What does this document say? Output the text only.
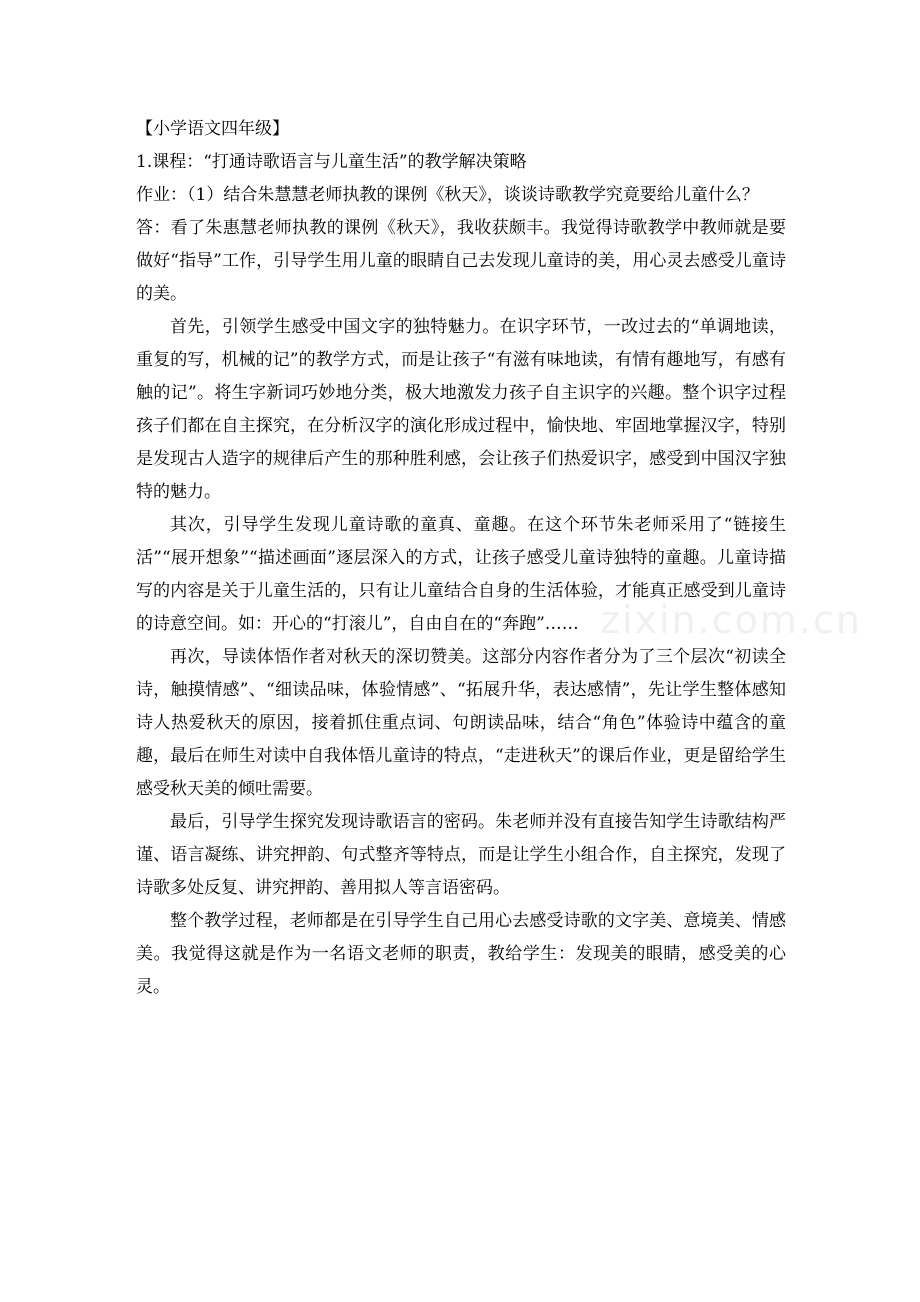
zixin.com.cn

【小学语文四年级】

1.课程：“打通诗歌语言与儿童生活”的教学解决策略

作业：（1）结合朱慧慧老师执教的课例《秋天》，谈谈诗歌教学究竟要给儿童什么？

答：看了朱惠慧老师执教的课例《秋天》，我收获颇丰。我觉得诗歌教学中教师就是要做好“指导”工作，引导学生用儿童的眼睛自己去发现儿童诗的美，用心灵去感受儿童诗的美。

首先，引领学生感受中国文字的独特魅力。在识字环节，一改过去的“单调地读，重复的写，机械的记”的教学方式，而是让孩子“有滋有味地读，有情有趣地写，有感有触的记”。将生字新词巧妙地分类，极大地激发力孩子自主识字的兴趣。整个识字过程孩子们都在自主探究，在分析汉字的演化形成过程中，愉快地、牢固地掌握汉字，特别是发现古人造字的规律后产生的那种胜利感，会让孩子们热爱识字，感受到中国汉字独特的魅力。

其次，引导学生发现儿童诗歌的童真、童趣。在这个环节朱老师采用了“链接生活”“展开想象”“描述画面”逐层深入的方式，让孩子感受儿童诗独特的童趣。儿童诗描写的内容是关于儿童生活的，只有让儿童结合自身的生活体验，才能真正感受到儿童诗的诗意空间。如：开心的“打滚儿”，自由自在的“奔跑”……

再次，导读体悟作者对秋天的深切赞美。这部分内容作者分为了三个层次“初读全诗，触摸情感”、“细读品味，体验情感”、“拓展升华，表达感情”，先让学生整体感知诗人热爱秋天的原因，接着抓住重点词、句朗读品味，结合“角色”体验诗中蕴含的童趣，最后在师生对读中自我体悟儿童诗的特点，“走进秋天”的课后作业，更是留给学生感受秋天美的倾吐需要。

最后，引导学生探究发现诗歌语言的密码。朱老师并没有直接告知学生诗歌结构严谨、语言凝练、讲究押韵、句式整齐等特点，而是让学生小组合作，自主探究，发现了诗歌多处反复、讲究押韵、善用拟人等言语密码。

整个教学过程，老师都是在引导学生自己用心去感受诗歌的文字美、意境美、情感美。我觉得这就是作为一名语文老师的职责，教给学生：发现美的眼睛，感受美的心灵。
